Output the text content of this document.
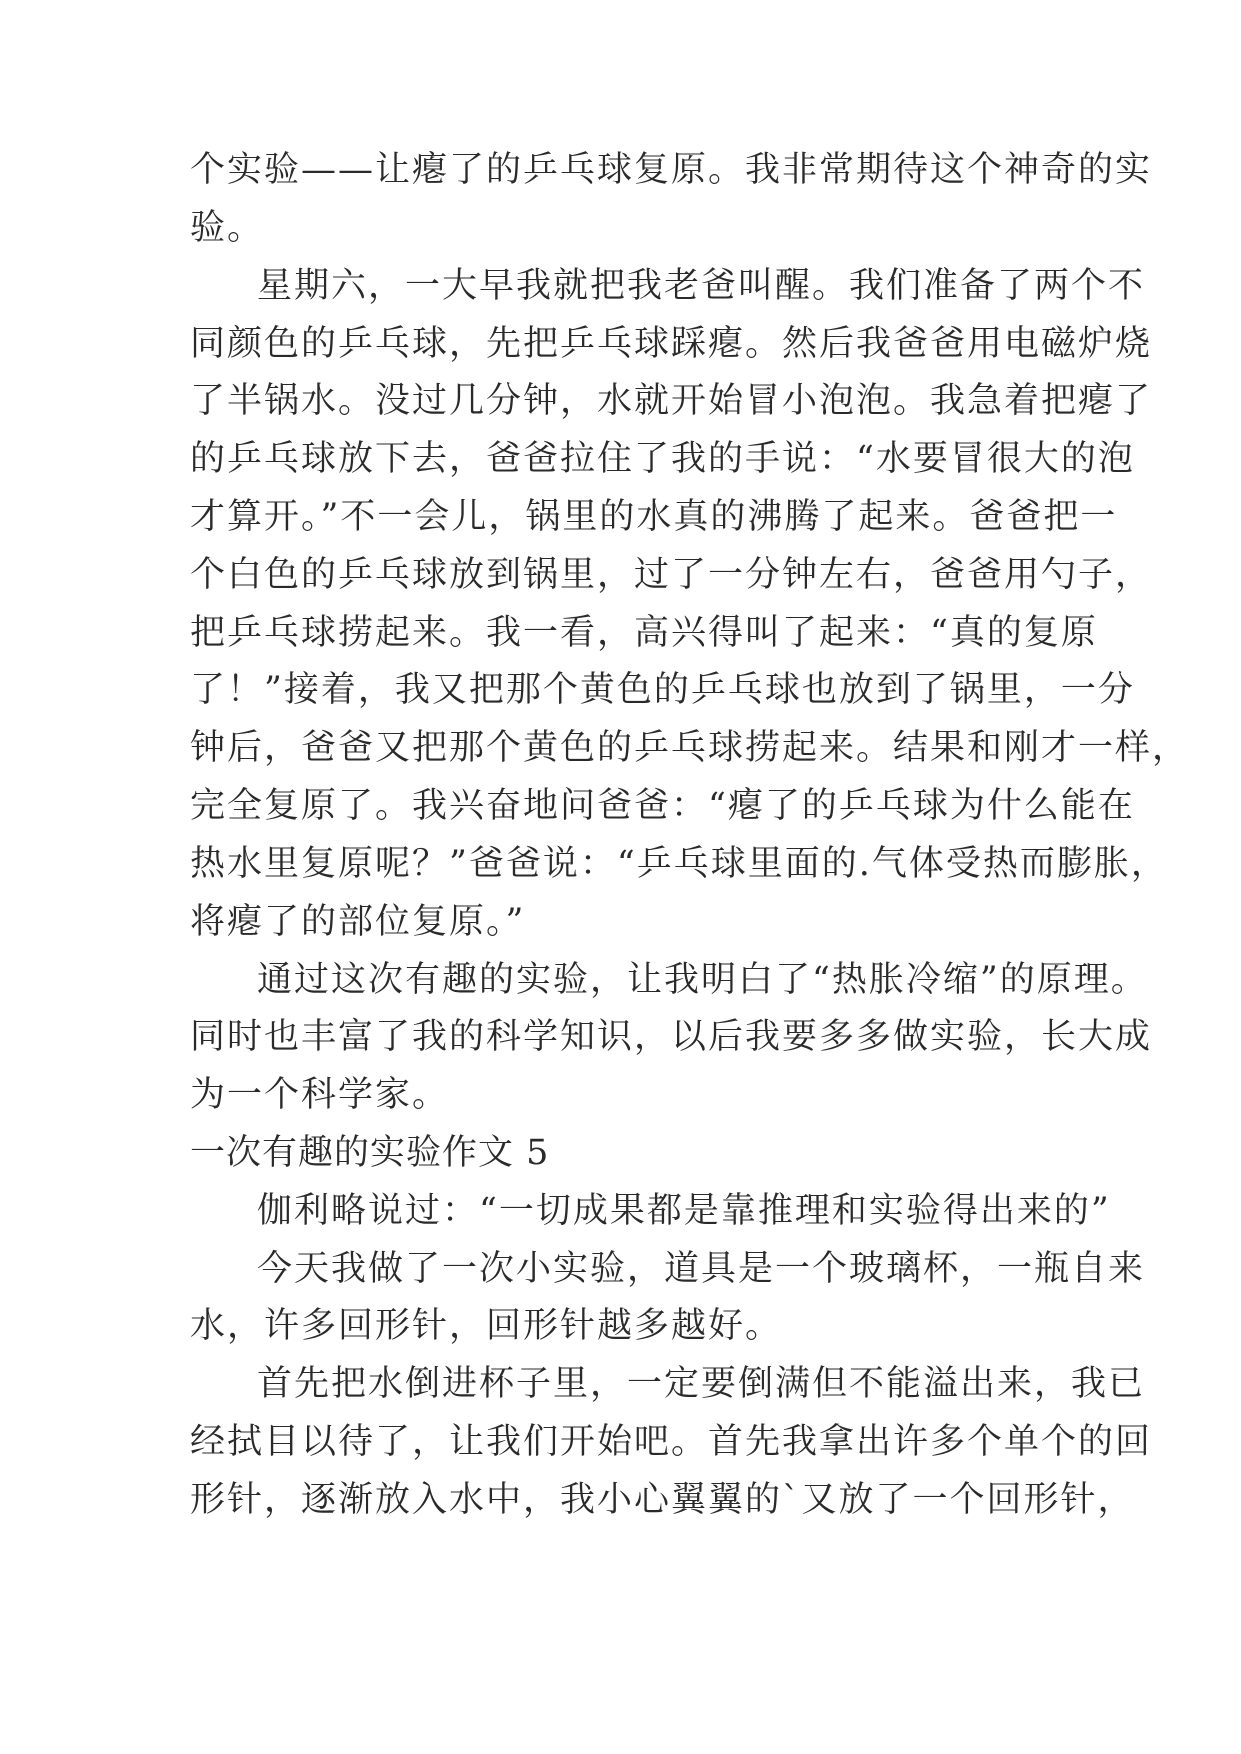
个实验——让瘪了的乒乓球复原。我非常期待这个神奇的实
验。
星期六，一大早我就把我老爸叫醒。我们准备了两个不
同颜色的乒乓球，先把乒乓球踩瘪。然后我爸爸用电磁炉烧
了半锅水。没过几分钟，水就开始冒小泡泡。我急着把瘪了
的乒乓球放下去，爸爸拉住了我的手说：“水要冒很大的泡
才算开。”不一会儿，锅里的水真的沸腾了起来。爸爸把一
个白色的乒乓球放到锅里，过了一分钟左右，爸爸用勺子，
把乒乓球捞起来。我一看，高兴得叫了起来：“真的复原
了！”接着，我又把那个黄色的乒乓球也放到了锅里，一分
钟后，爸爸又把那个黄色的乒乓球捞起来。结果和刚才一样，
完全复原了。我兴奋地问爸爸：“瘪了的乒乓球为什么能在
热水里复原呢？”爸爸说：“乒乓球里面的.气体受热而膨胀，
将瘪了的部位复原。”
通过这次有趣的实验，让我明白了“热胀冷缩”的原理。
同时也丰富了我的科学知识，以后我要多多做实验，长大成
为一个科学家。
一次有趣的实验作文 5
伽利略说过：“一切成果都是靠推理和实验得出来的”
今天我做了一次小实验，道具是一个玻璃杯，一瓶自来
水，许多回形针，回形针越多越好。
首先把水倒进杯子里，一定要倒满但不能溢出来，我已
经拭目以待了，让我们开始吧。首先我拿出许多个单个的回
形针，逐渐放入水中，我小心翼翼的`又放了一个回形针，
